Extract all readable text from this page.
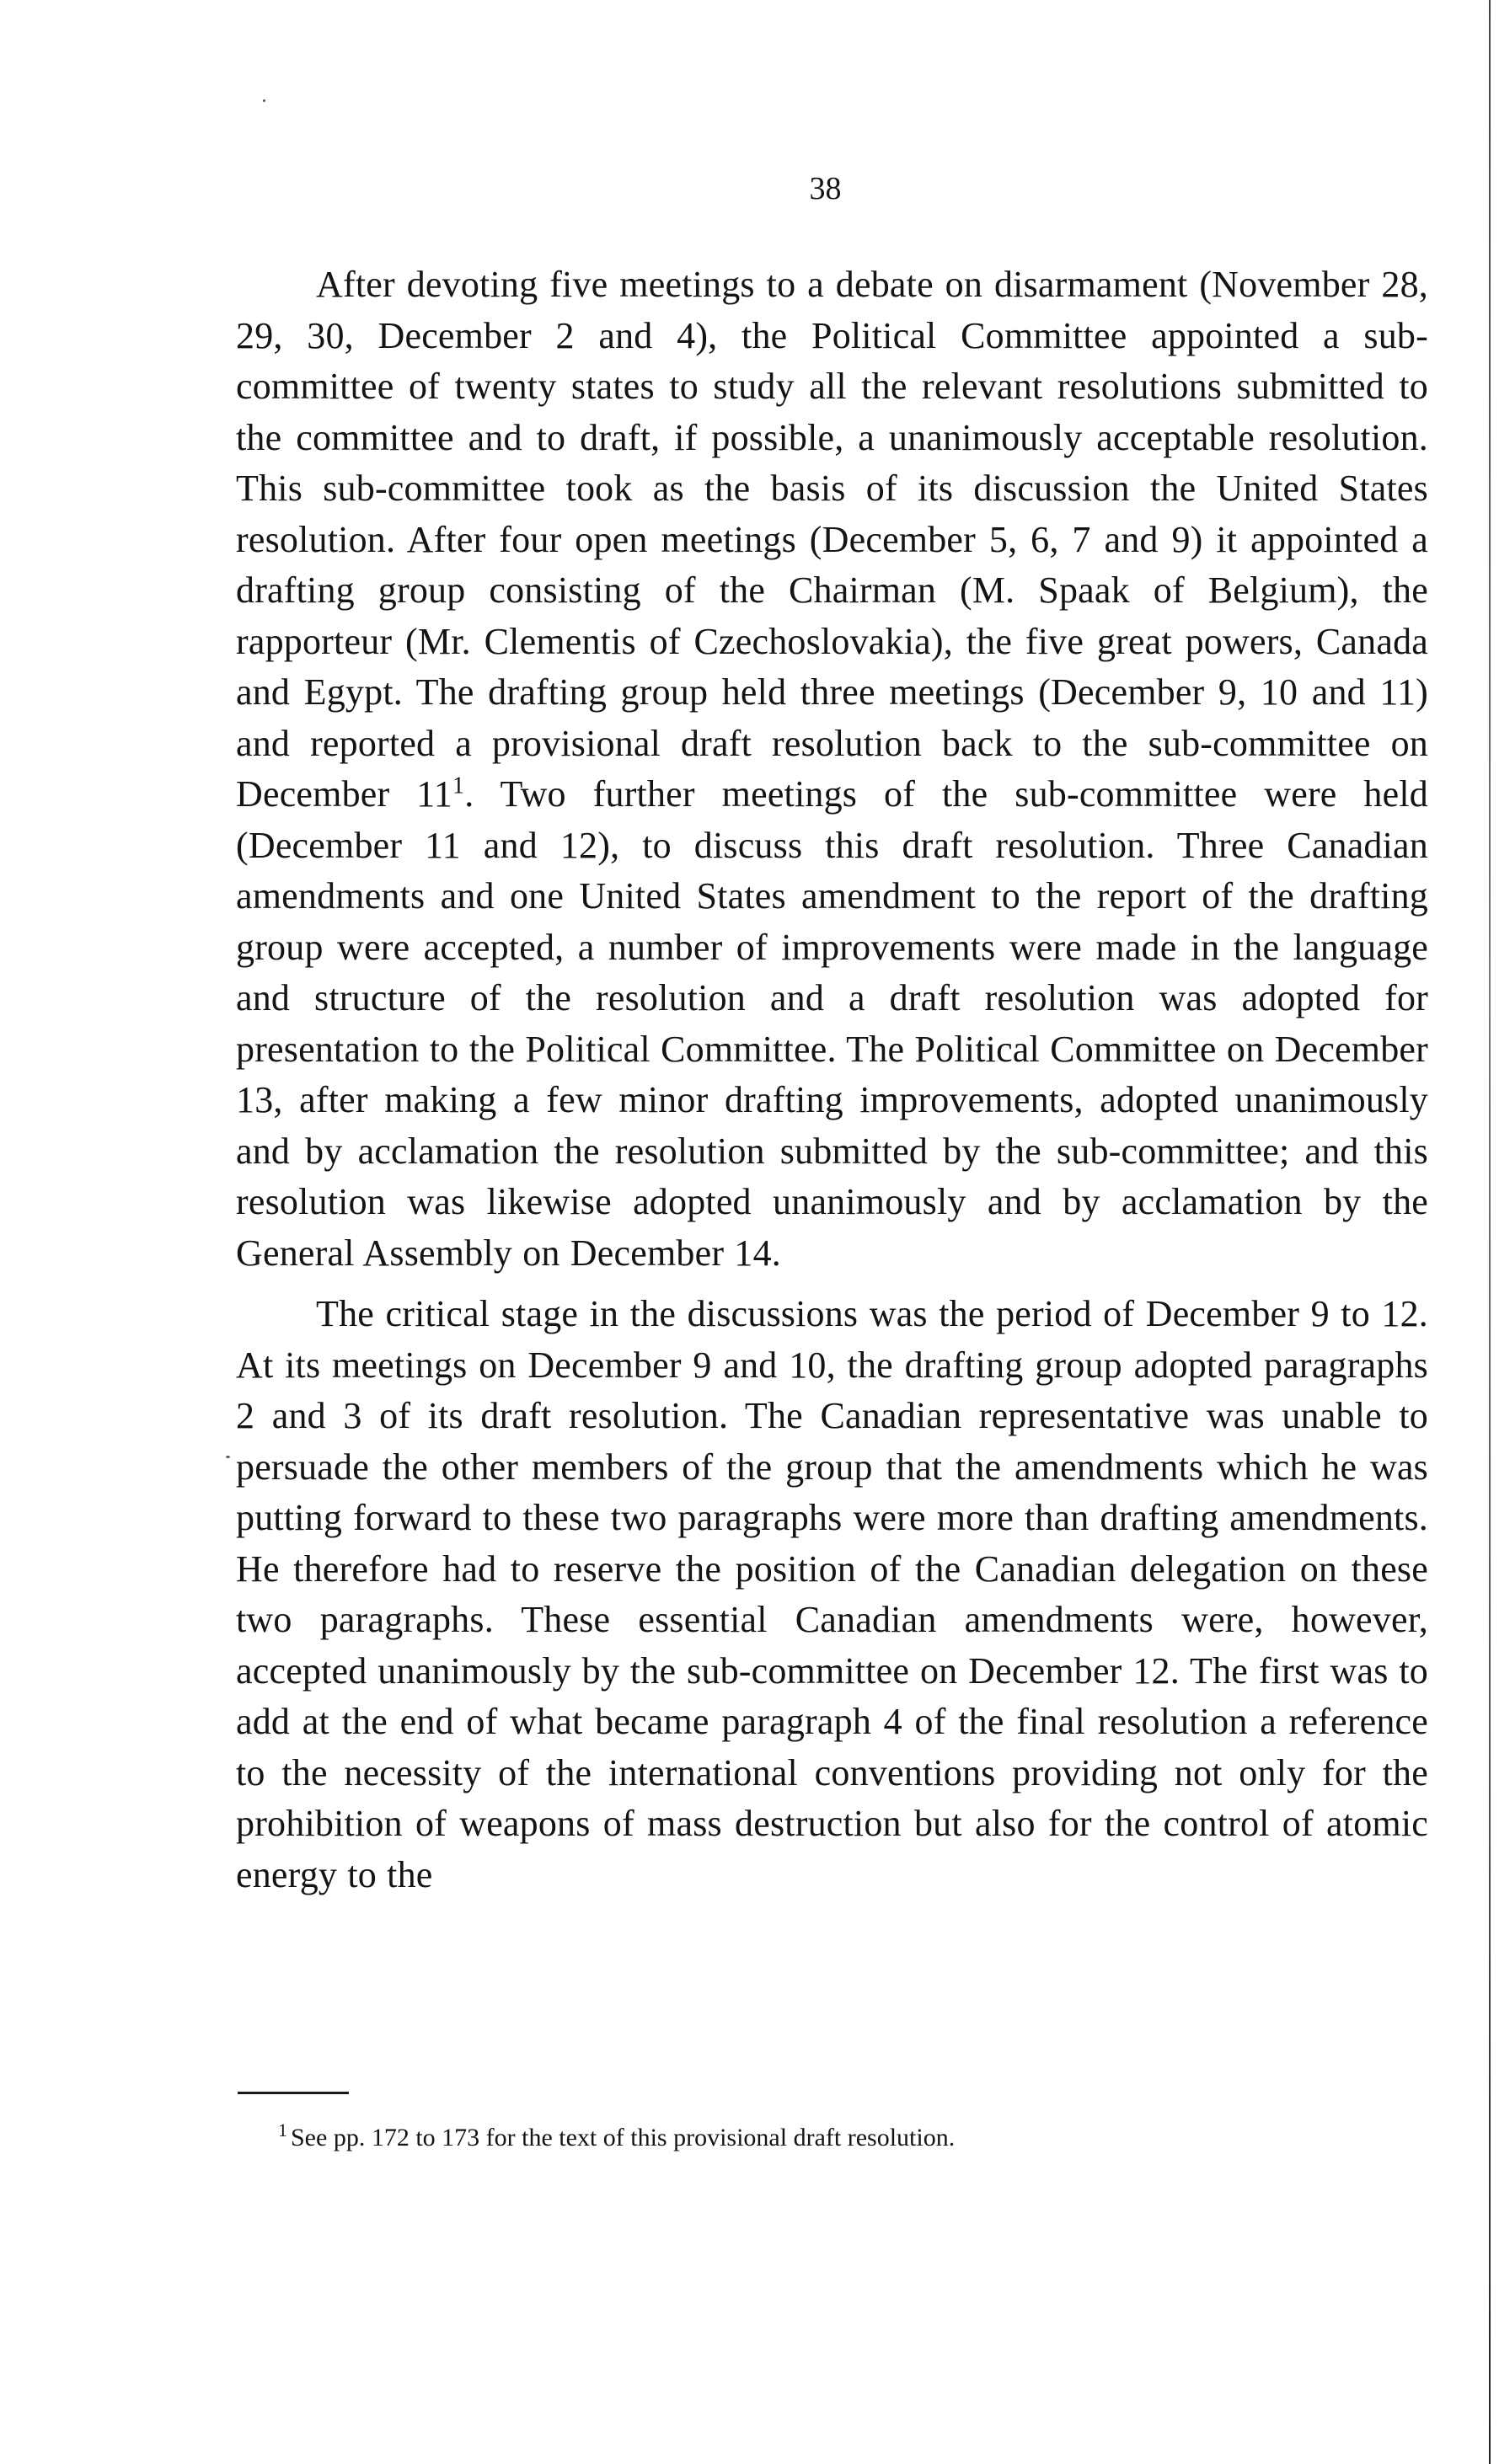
38

After devoting five meetings to a debate on disarmament (November 28, 29, 30, December 2 and 4), the Political Committee appointed a sub-committee of twenty states to study all the relevant resolutions submitted to the committee and to draft, if possible, a unanimously acceptable resolution. This sub-committee took as the basis of its discussion the United States resolution. After four open meetings (December 5, 6, 7 and 9) it appointed a drafting group consisting of the Chairman (M. Spaak of Belgium), the rapporteur (Mr. Clementis of Czechoslovakia), the five great powers, Canada and Egypt. The drafting group held three meetings (December 9, 10 and 11) and reported a provisional draft resolution back to the sub-committee on December 11$^1$. Two further meetings of the sub-committee were held (December 11 and 12), to discuss this draft resolution. Three Canadian amendments and one United States amendment to the report of the drafting group were accepted, a number of improvements were made in the language and structure of the resolution and a draft resolution was adopted for presentation to the Political Committee. The Political Committee on December 13, after making a few minor drafting improvements, adopted unanimously and by acclamation the resolution submitted by the sub-committee; and this resolution was likewise adopted unanimously and by acclamation by the General Assembly on December 14.

The critical stage in the discussions was the period of December 9 to 12. At its meetings on December 9 and 10, the drafting group adopted paragraphs 2 and 3 of its draft resolution. The Canadian representative was unable to persuade the other members of the group that the amendments which he was putting forward to these two paragraphs were more than drafting amendments. He therefore had to reserve the position of the Canadian delegation on these two paragraphs. These essential Canadian amendments were, however, accepted unanimously by the sub-committee on December 12. The first was to add at the end of what became paragraph 4 of the final resolution a reference to the necessity of the international conventions providing not only for the prohibition of weapons of mass destruction but also for the control of atomic energy to the

$^1$ See pp. 172 to 173 for the text of this provisional draft resolution.
